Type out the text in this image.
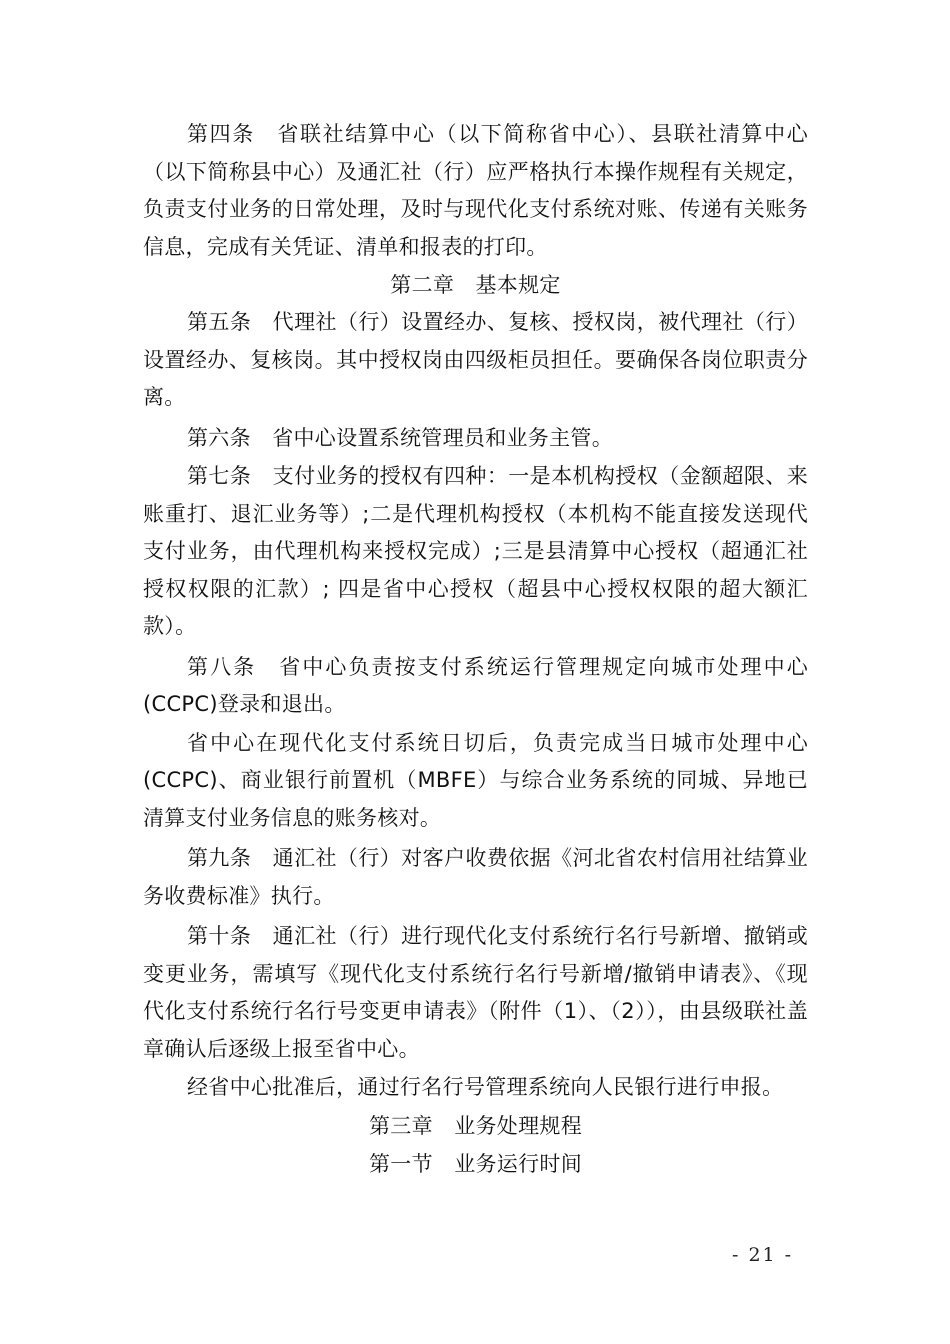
第四条　省联社结算中心（以下简称省中心）、县联社清算中心（以下简称县中心）及通汇社（行）应严格执行本操作规程有关规定，负责支付业务的日常处理，及时与现代化支付系统对账、传递有关账务信息，完成有关凭证、清单和报表的打印。

第二章　基本规定

第五条　代理社（行）设置经办、复核、授权岗，被代理社（行）设置经办、复核岗。其中授权岗由四级柜员担任。要确保各岗位职责分离。

第六条　省中心设置系统管理员和业务主管。

第七条　支付业务的授权有四种：一是本机构授权（金额超限、来账重打、退汇业务等）;二是代理机构授权（本机构不能直接发送现代支付业务，由代理机构来授权完成）;三是县清算中心授权（超通汇社授权权限的汇款）; 四是省中心授权（超县中心授权权限的超大额汇款）。

第八条　省中心负责按支付系统运行管理规定向城市处理中心(CCPC)登录和退出。

省中心在现代化支付系统日切后，负责完成当日城市处理中心(CCPC)、商业银行前置机（MBFE）与综合业务系统的同城、异地已清算支付业务信息的账务核对。

第九条　通汇社（行）对客户收费依据《河北省农村信用社结算业务收费标准》执行。

第十条　通汇社（行）进行现代化支付系统行名行号新增、撤销或变更业务，需填写《现代化支付系统行名行号新增/撤销申请表》、《现代化支付系统行名行号变更申请表》（附件（1）、（2）），由县级联社盖章确认后逐级上报至省中心。

经省中心批准后，通过行名行号管理系统向人民银行进行申报。

第三章　业务处理规程

第一节　业务运行时间

- 21 -
